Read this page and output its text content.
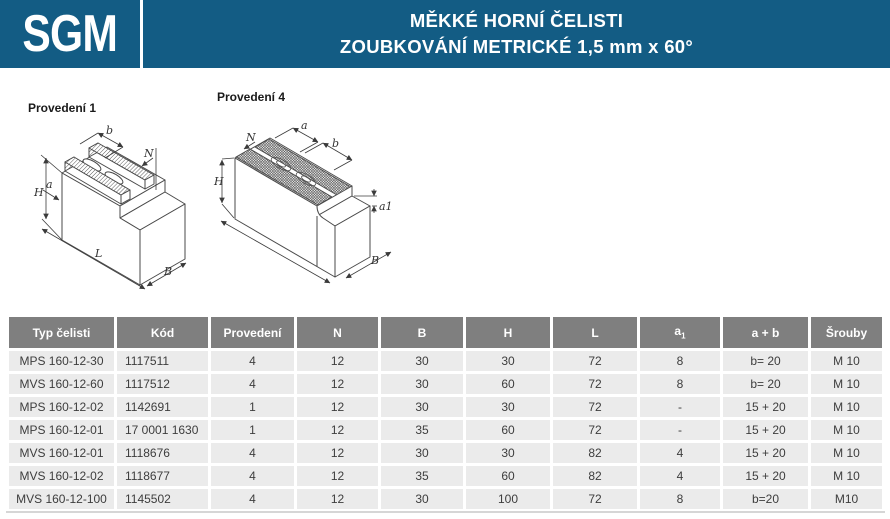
SGM	MĚKKÉ HORNÍ ČELISTI
ZOUBKOVÁNÍ METRICKÉ 1,5 mm x 60°
Provedení 1
Provedení 4
H
a
b
N
L
B
H
N
a
b
a1
B
Typ čelisti	Kód	Provedení	N	B	H	L	$a_1$	a + b	Šrouby
MPS 160-12-30	1117511	4	12	30	30	72	8	b= 20	M 10
MVS 160-12-60	1117512	4	12	30	60	72	8	b= 20	M 10
MPS 160-12-02	1142691	1	12	30	30	72	-	15 + 20	M 10
MPS 160-12-01	17 0001 1630	1	12	35	60	72	-	15 + 20	M 10
MVS 160-12-01	1118676	4	12	30	30	82	4	15 + 20	M 10
MVS 160-12-02	1118677	4	12	35	60	82	4	15 + 20	M 10
MVS 160-12-100	1145502	4	12	30	100	72	8	b=20	M10
